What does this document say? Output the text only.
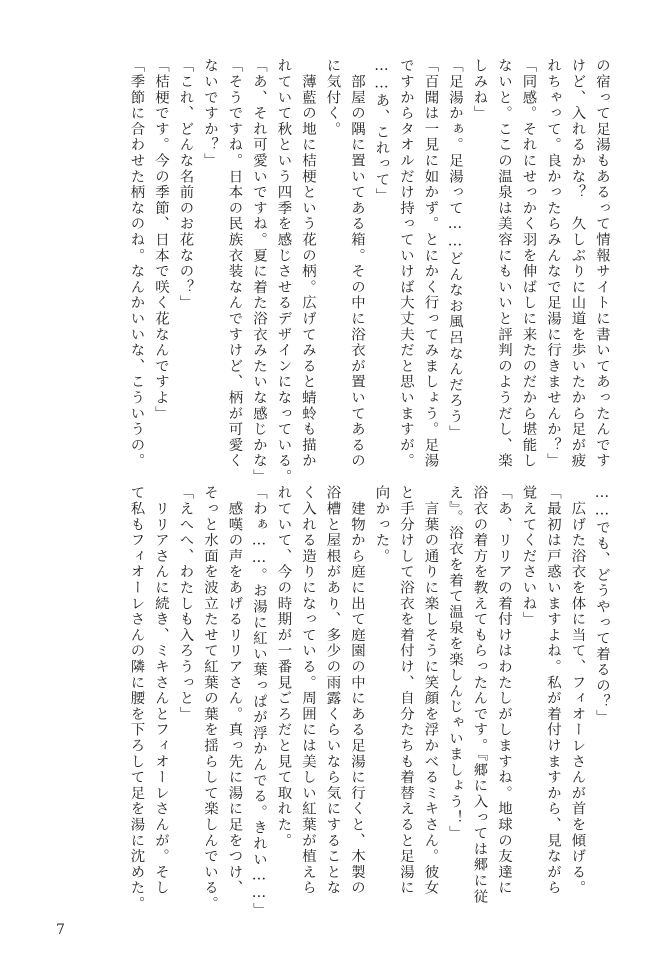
の宿って足湯もあるって情報サイトに書いてあったんです
けど、入れるかな？　久しぶりに山道を歩いたから足が疲
れちゃって。良かったらみんなで足湯に行きませんか？」
「同感。それにせっかく羽を伸ばしに来たのだから堪能し
ないと。ここの温泉は美容にもいいと評判のようだし、楽
しみね」
「足湯かぁ。足湯って……どんなお風呂なんだろう」
「百聞は一見に如かず。とにかく行ってみましょう。足湯
ですからタオルだけ持っていけば大丈夫だと思いますが。
……あ、これって」
　部屋の隅に置いてある箱。その中に浴衣が置いてあるの
に気付く。
　薄藍の地に桔梗という花の柄。広げてみると蜻蛉も描か
れていて秋という四季を感じさせるデザインになっている。
「あ、それ可愛いですね。夏に着た浴衣みたいな感じかな」
「そうですね。日本の民族衣装なんですけど、柄が可愛く
ないですか？」
「これ、どんな名前のお花なの？」
「桔梗です。今の季節、日本で咲く花なんですよ」
「季節に合わせた柄なのね。なんかいいな、こういうの。
……でも、どうやって着るの？」
　広げた浴衣を体に当て、フィオーレさんが首を傾げる。
「最初は戸惑いますよね。私が着付けますから、見ながら
覚えてくださいね」
「あ、リリアの着付けはわたしがしますね。地球の友達に
浴衣の着方を教えてもらったんです。『郷に入っては郷に従
え』。浴衣を着て温泉を楽しんじゃいましょう！」
　言葉の通りに楽しそうに笑顔を浮かべるミキさん。彼女
と手分けして浴衣を着付け、自分たちも着替えると足湯に
向かった。
　建物から庭に出て庭園の中にある足湯に行くと、木製の
浴槽と屋根があり、多少の雨露くらいなら気にすることな
く入れる造りになっている。周囲には美しい紅葉が植えら
れていて、今の時期が一番見ごろだと見て取れた。
「わぁ……。お湯に紅い葉っぱが浮かんでる。きれい……」
　感嘆の声をあげるリリアさん。真っ先に湯に足をつけ、
そっと水面を波立たせて紅葉の葉を揺らして楽しんでいる。
「えへへ、わたしも入ろうっと」
　リリアさんに続き、ミキさんとフィオーレさんが。そし
て私もフィオーレさんの隣に腰を下ろして足を湯に沈めた。
7
